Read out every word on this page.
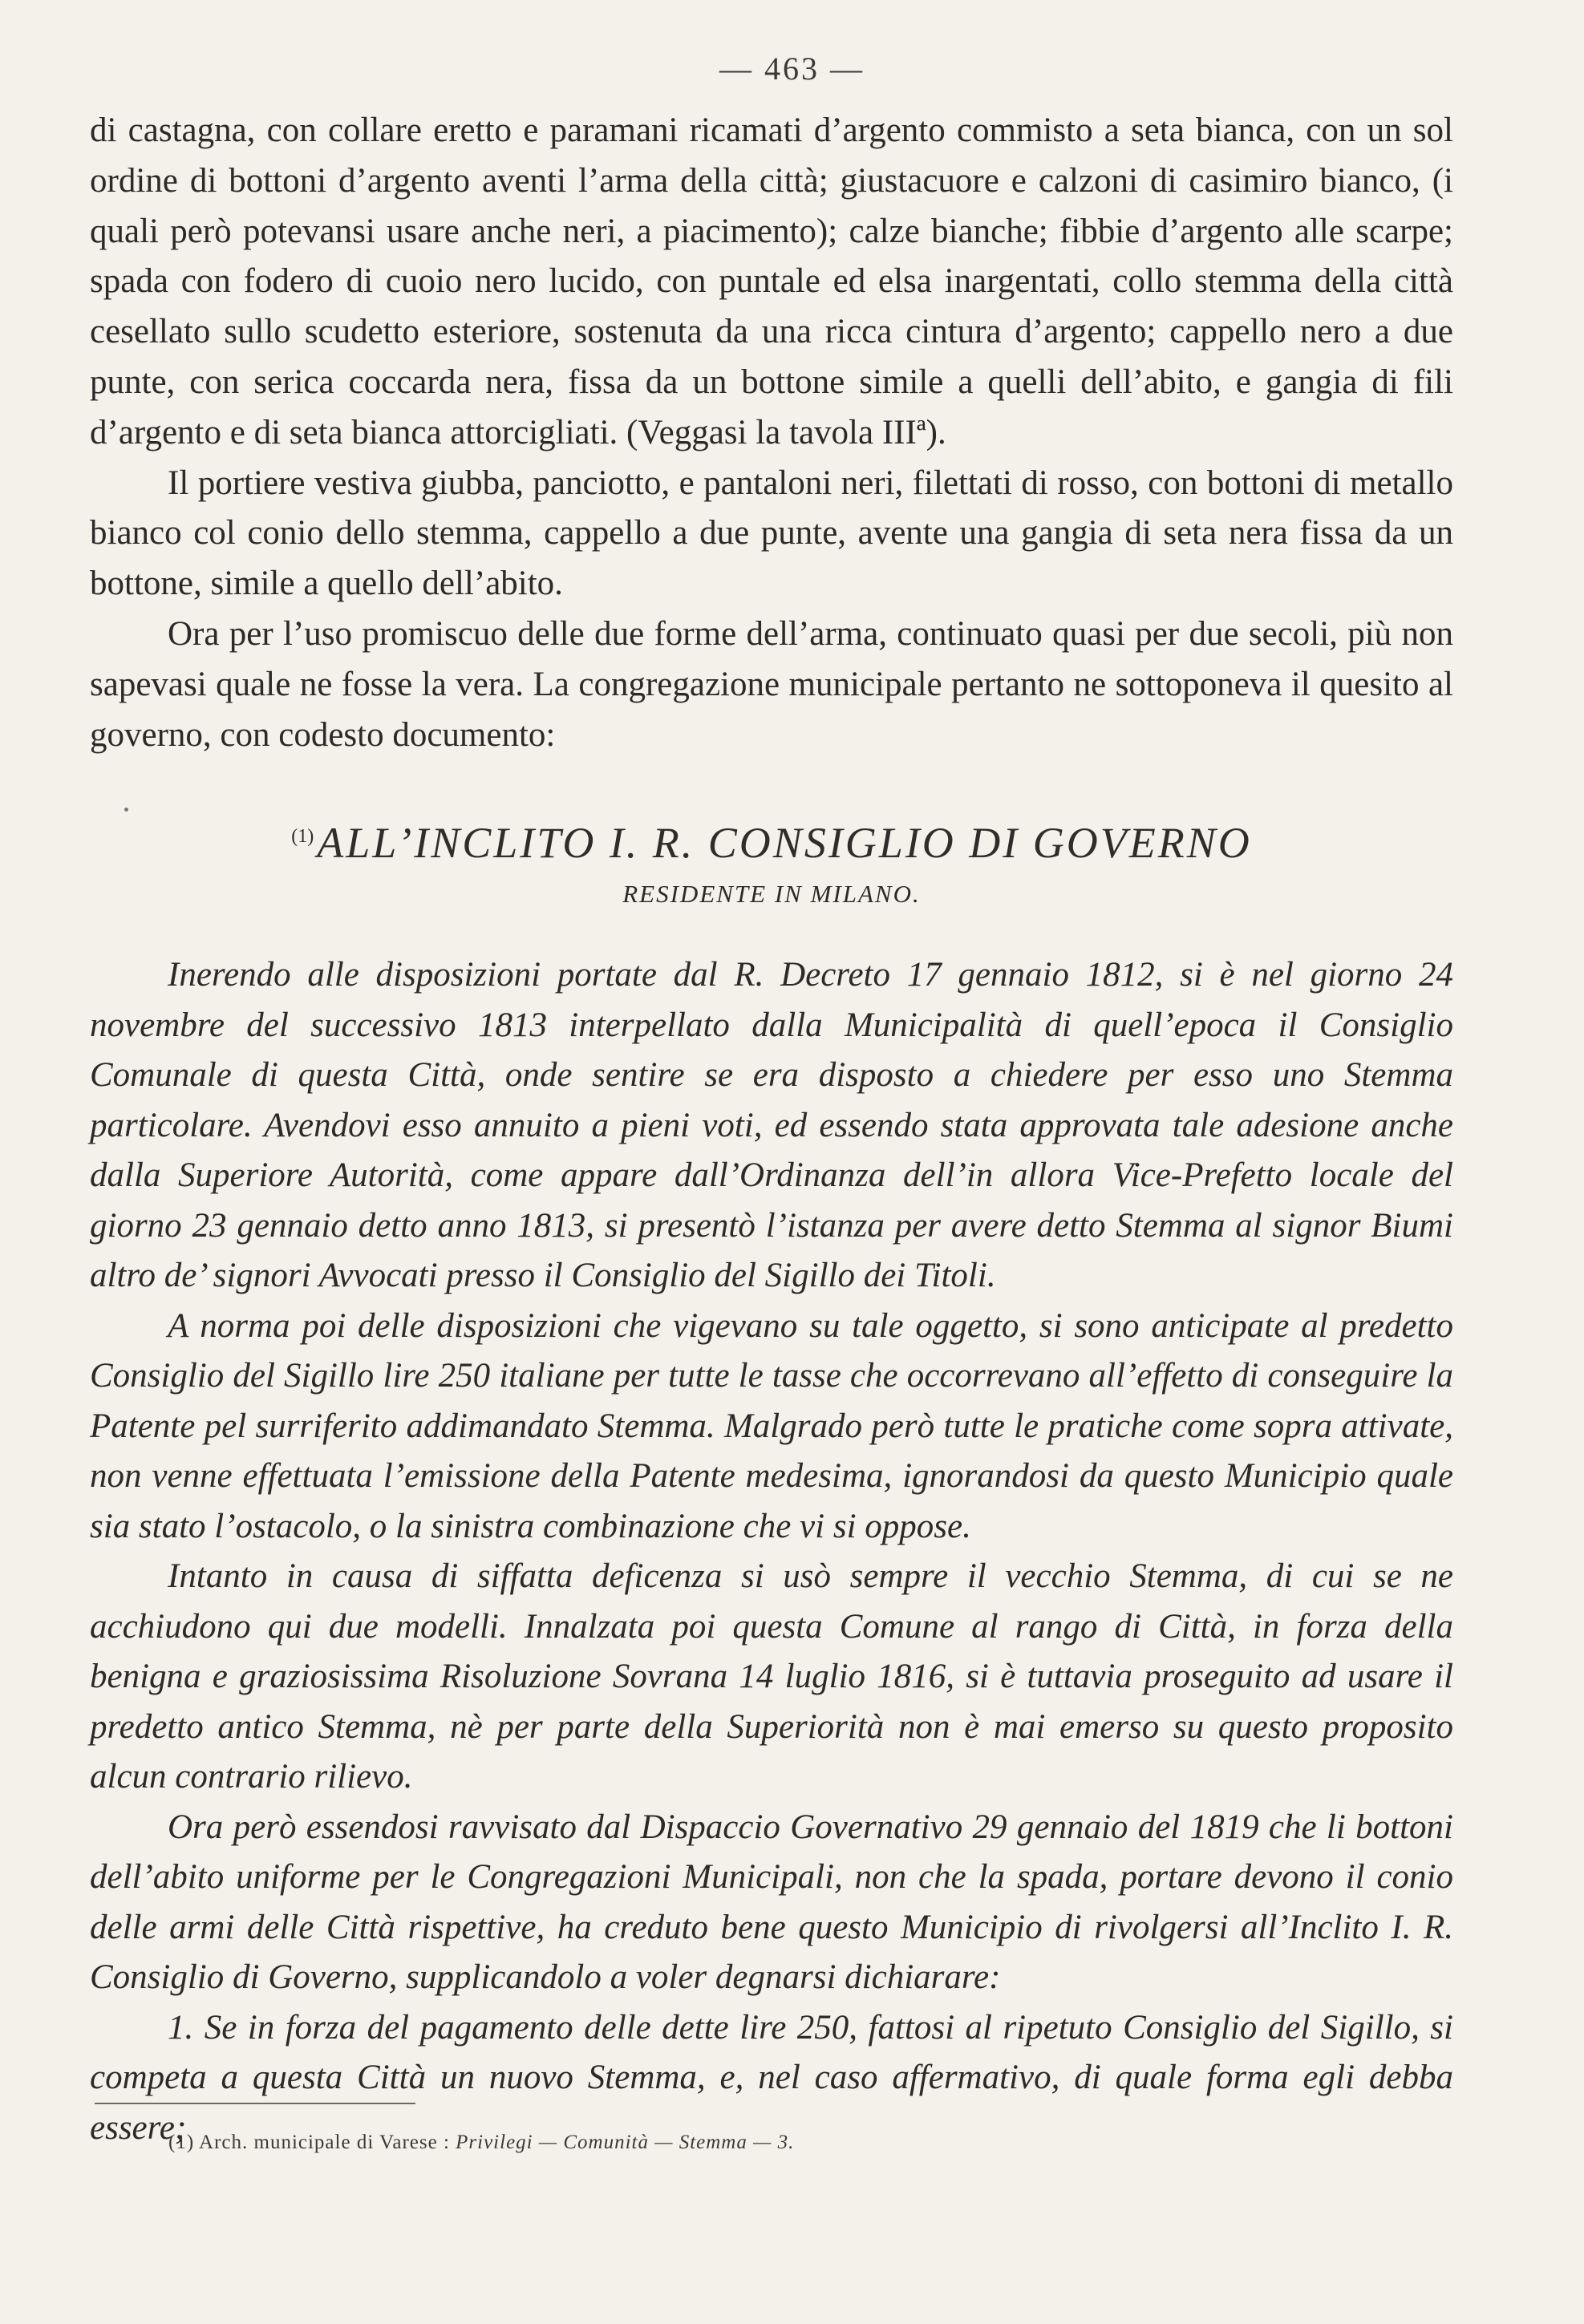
— 463 —

di castagna, con collare eretto e paramani ricamati d’argento commisto a seta bianca, con un sol ordine di bottoni d’argento aventi l’arma della città; giustacuore e calzoni di casimiro bianco, (i quali però potevansi usare anche neri, a piacimento); calze bianche; fibbie d’argento alle scarpe; spada con fodero di cuoio nero lucido, con puntale ed elsa inargentati, collo stemma della città cesellato sullo scudetto esteriore, sostenuta da una ricca cintura d’argento; cappello nero a due punte, con serica coccarda nera, fissa da un bottone simile a quelli dell’abito, e gangia di fili d’argento e di seta bianca attorcigliati. (Veggasi la tavola IIIª).

Il portiere vestiva giubba, panciotto, e pantaloni neri, filettati di rosso, con bottoni di metallo bianco col conio dello stemma, cappello a due punte, avente una gangia di seta nera fissa da un bottone, simile a quello dell’abito.

Ora per l’uso promiscuo delle due forme dell’arma, continuato quasi per due secoli, più non sapevasi quale ne fosse la vera. La congregazione municipale pertanto ne sottoponeva il quesito al governo, con codesto documento:

$^{(1)}$ALL’INCLITO I. R. CONSIGLIO DI GOVERNO
RESIDENTE IN MILANO.

Inerendo alle disposizioni portate dal R. Decreto 17 gennaio 1812, si è nel giorno 24 novembre del successivo 1813 interpellato dalla Municipalità di quell’epoca il Consiglio Comunale di questa Città, onde sentire se era disposto a chiedere per esso uno Stemma particolare. Avendovi esso annuito a pieni voti, ed essendo stata approvata tale adesione anche dalla Superiore Autorità, come appare dall’Ordinanza dell’in allora Vice-Prefetto locale del giorno 23 gennaio detto anno 1813, si presentò l’istanza per avere detto Stemma al signor Biumi altro de’ signori Avvocati presso il Consiglio del Sigillo dei Titoli.

A norma poi delle disposizioni che vigevano su tale oggetto, si sono anticipate al predetto Consiglio del Sigillo lire 250 italiane per tutte le tasse che occorrevano all’effetto di conseguire la Patente pel surriferito addimandato Stemma. Malgrado però tutte le pratiche come sopra attivate, non venne effettuata l’emissione della Patente medesima, ignorandosi da questo Municipio quale sia stato l’ostacolo, o la sinistra combinazione che vi si oppose.

Intanto in causa di siffatta deficenza si usò sempre il vecchio Stemma, di cui se ne acchiudono qui due modelli. Innalzata poi questa Comune al rango di Città, in forza della benigna e graziosissima Risoluzione Sovrana 14 luglio 1816, si è tuttavia proseguito ad usare il predetto antico Stemma, nè per parte della Superiorità non è mai emerso su questo proposito alcun contrario rilievo.

Ora però essendosi ravvisato dal Dispaccio Governativo 29 gennaio del 1819 che li bottoni dell’abito uniforme per le Congregazioni Municipali, non che la spada, portare devono il conio delle armi delle Città rispettive, ha creduto bene questo Municipio di rivolgersi all’Inclito I. R. Consiglio di Governo, supplicandolo a voler degnarsi dichiarare:

1. Se in forza del pagamento delle dette lire 250, fattosi al ripetuto Consiglio del Sigillo, si competa a questa Città un nuovo Stemma, e, nel caso affermativo, di quale forma egli debba essere;

(1) Arch. municipale di Varese : Privilegi — Comunità — Stemma — 3.
